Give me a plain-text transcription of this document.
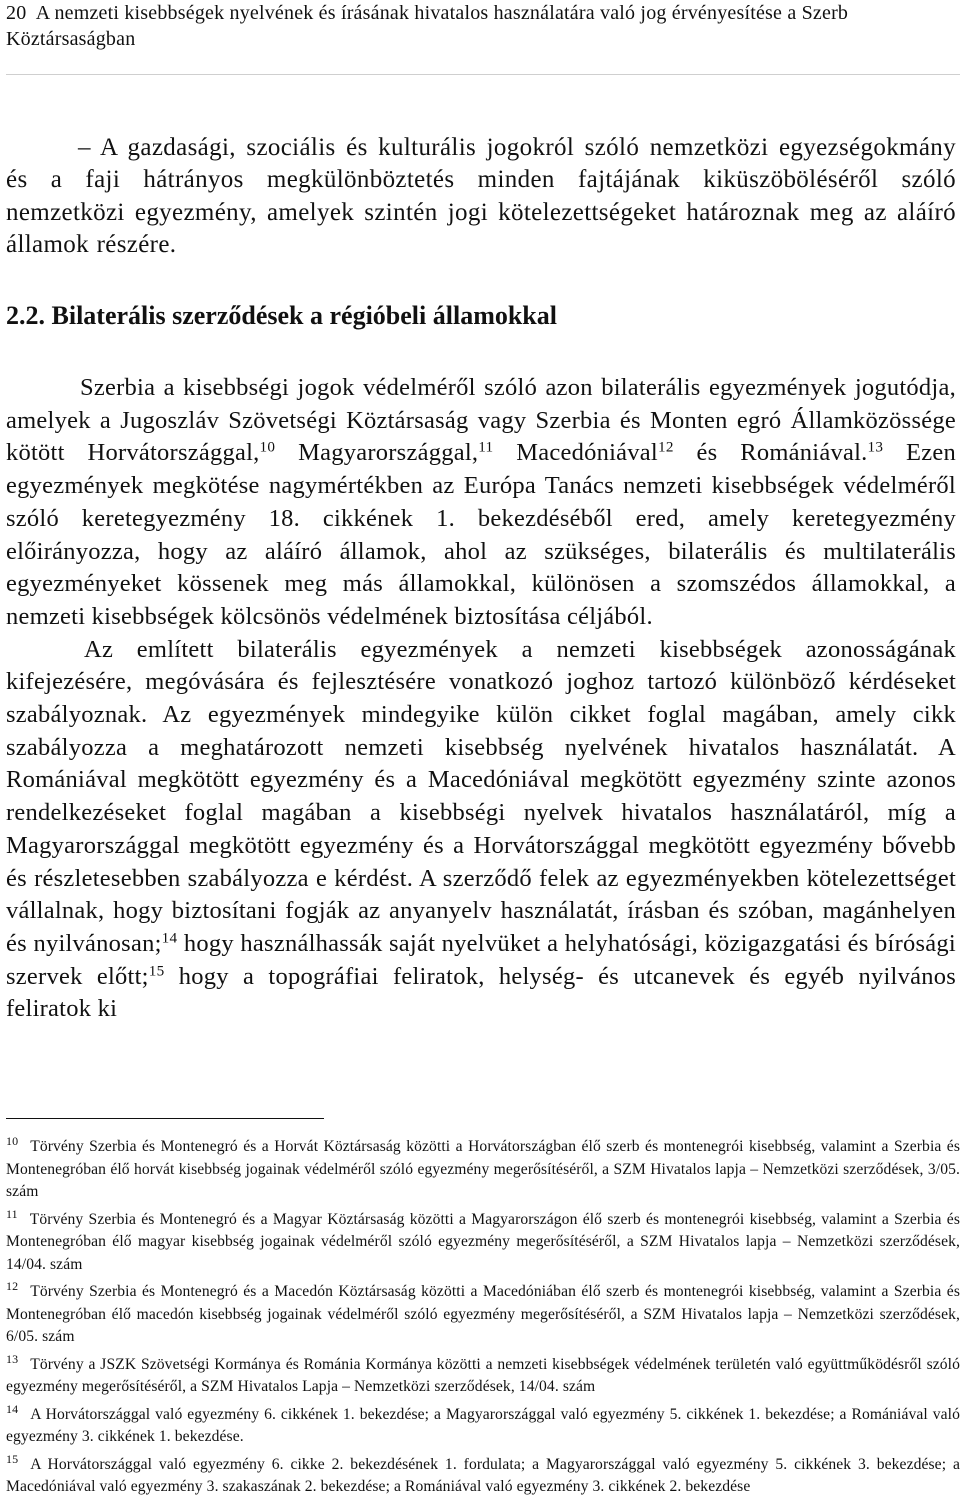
20 A nemzeti kisebbségek nyelvének és írásának hivatalos használatára való jog érvényesítése a Szerb Köztársaságban

– A gazdasági, szociális és kulturális jogokról szóló nemzetközi egyezségokmány és a faji hátrányos megkülönböztetés minden fajtájának kiküszöböléséről szóló nemzetközi egyezmény, amelyek szintén jogi kötelezettségeket határoznak meg az aláíró államok részére.

2.2. Bilaterális szerződések a régióbeli államokkal

Szerbia a kisebbségi jogok védelméről szóló azon bilaterális egyezmények jogutódja, amelyek a Jugoszláv Szövetségi Köztársaság vagy Szerbia és Monten egró Államközössége kötött Horvátországgal,$^{10}$ Magyarországgal,$^{11}$ Macedóniával$^{12}$ és Romániával.$^{13}$ Ezen egyezmények megkötése nagymértékben az Európa Tanács nemzeti kisebbségek védelméről szóló keretegyezmény 18. cikkének 1. bekezdéséből ered, amely keretegyezmény előirányozza, hogy az aláíró államok, ahol az szükséges, bilaterális és multilaterális egyezményeket kössenek meg más államokkal, különösen a szomszédos államokkal, a nemzeti kisebbségek kölcsönös védelmének biztosítása céljából.

Az említett bilaterális egyezmények a nemzeti kisebbségek azonosságának kifejezésére, megóvására és fejlesztésére vonatkozó joghoz tartozó különböző kérdéseket szabályoznak. Az egyezmények mindegyike külön cikket foglal magában, amely cikk szabályozza a meghatározott nemzeti kisebbség nyelvének hivatalos használatát. A Romániával megkötött egyezmény és a Macedóniával megkötött egyezmény szinte azonos rendelkezéseket foglal magában a kisebbségi nyelvek hivatalos használatáról, míg a Magyarországgal megkötött egyezmény és a Horvátországgal megkötött egyezmény bővebb és részletesebben szabályozza e kérdést. A szerződő felek az egyezményekben kötelezettséget vállalnak, hogy biztosítani fogják az anyanyelv használatát, írásban és szóban, magánhelyen és nyilvánosan;$^{14}$ hogy használhassák saját nyelvüket a helyhatósági, közigazgatási és bírósági szervek előtt;$^{15}$ hogy a topográfiai feliratok, helység- és utcanevek és egyéb nyilvános feliratok ki

$^{10}$ Törvény Szerbia és Montenegró és a Horvát Köztársaság közötti a Horvátországban élő szerb és montenegrói kisebbség, valamint a Szerbia és Montenegróban élő horvát kisebbség jogainak védelméről szóló egyezmény megerősítéséről, a SZM Hivatalos lapja – Nemzetközi szerződések, 3/05. szám

$^{11}$ Törvény Szerbia és Montenegró és a Magyar Köztársaság közötti a Magyarországon élő szerb és montenegrói kisebbség, valamint a Szerbia és Montenegróban élő magyar kisebbség jogainak védelméről szóló egyezmény megerősítéséről, a SZM Hivatalos lapja – Nemzetközi szerződések, 14/04. szám

$^{12}$ Törvény Szerbia és Montenegró és a Macedón Köztársaság közötti a Macedóniában élő szerb és montenegrói kisebbség, valamint a Szerbia és Montenegróban élő macedón kisebbség jogainak védelméről szóló egyezmény megerősítéséről, a SZM Hivatalos lapja – Nemzetközi szerződések, 6/05. szám

$^{13}$ Törvény a JSZK Szövetségi Kormánya és Románia Kormánya közötti a nemzeti kisebbségek védelmének területén való együttműködésről szóló egyezmény megerősítéséről, a SZM Hivatalos Lapja – Nemzetközi szerződések, 14/04. szám

$^{14}$ A Horvátországgal való egyezmény 6. cikkének 1. bekezdése; a Magyarországgal való egyezmény 5. cikkének 1. bekezdése; a Romániával való egyezmény 3. cikkének 1. bekezdése.

$^{15}$ A Horvátországgal való egyezmény 6. cikke 2. bekezdésének 1. fordulata; a Magyarországgal való egyezmény 5. cikkének 3. bekezdése; a Macedóniával való egyezmény 3. szakaszának 2. bekezdése; a Romániával való egyezmény 3. cikkének 2. bekezdése
